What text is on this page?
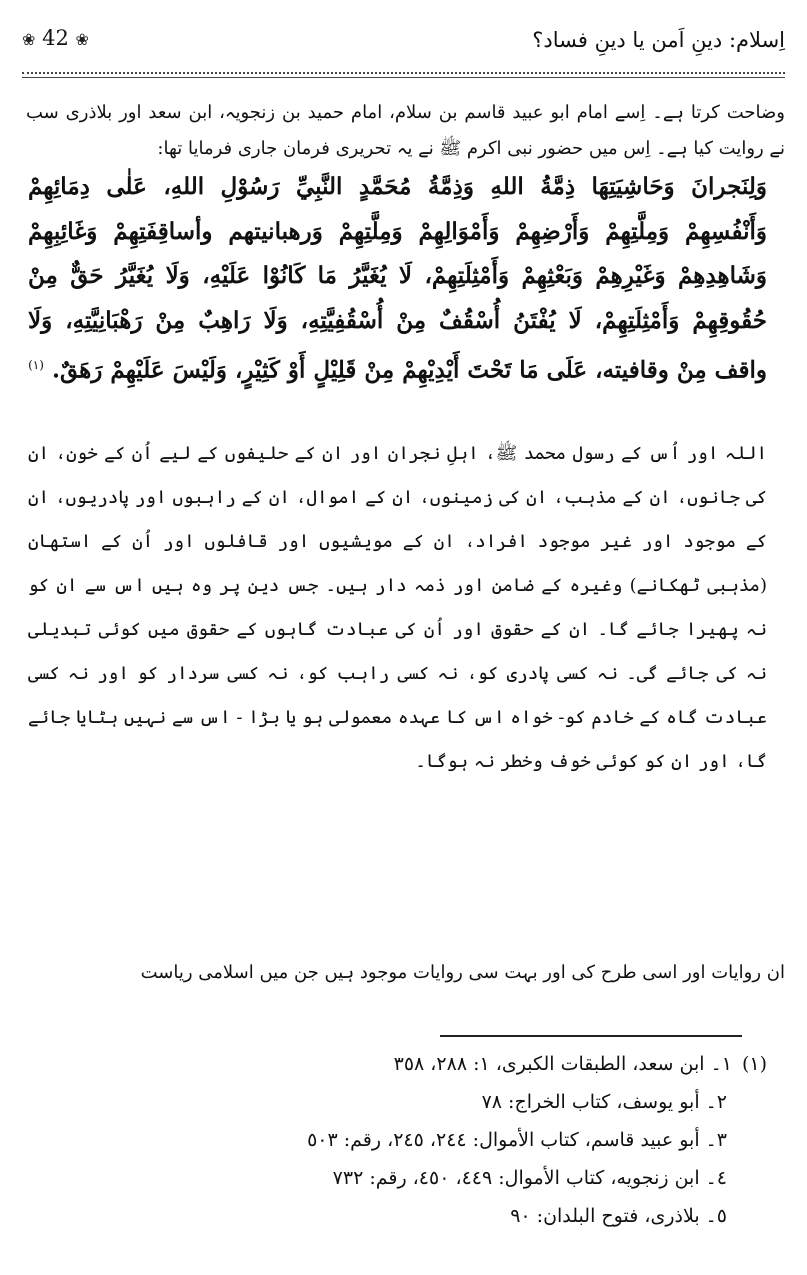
اِسلام: دینِ اَمن یا دینِ فساد؟
❀ 42 ❀
وضاحت کرتا ہے۔ اِسے امام ابو عبید قاسم بن سلام، امام حمید بن زنجویہ، ابن سعد اور بلاذری سب نے روایت کیا ہے۔ اِس میں حضور نبی اکرم ﷺ نے یہ تحریری فرمان جاری فرمایا تھا:
وَلِنَجرانَ وَحَاشِيَتِهَا ذِمَّةُ اللهِ وَذِمَّةُ مُحَمَّدٍ النَّبِيِّ رَسُوْلِ اللهِ، عَلٰى دِمَائِهِمْ وَأَنْفُسِهِمْ وَمِلَّتِهِمْ وَأَرْضِهِمْ وَأَمْوَالِهِمْ وَمِلَّتِهِمْ وَرهبانيتهم وأساقِفَتِهِمْ وَغَائِبِهِمْ وَشَاهِدِهِمْ وَغَيْرِهِمْ وَبَعْثِهِمْ وَأَمْثِلَتِهِمْ، لَا يُغَيَّرُ مَا كَانُوْا عَلَيْهِ، وَلَا يُغَيَّرُ حَقٌّ مِنْ حُقُوقِهِمْ وَأَمْثِلَتِهِمْ، لَا يُفْتَنُ أُسْقُفٌ مِنْ أُسْقُفِيَّتِهِ، وَلَا رَاهِبٌ مِنْ رَهْبَانِيَّتِهِ، وَلَا واقف مِنْ وقافيته، عَلَى مَا تَحْتَ أَيْدِيْهِمْ مِنْ قَلِيْلٍ أَوْ كَثِيْرٍ، وَلَيْسَ عَلَيْهِمْ رَهَقٌ. $^{(١)}$
اللہ اور اُس کے رسول محمد ﷺ، اہلِ نجران اور ان کے حلیفوں کے لیے اُن کے خون، ان کی جانوں، ان کے مذہب، ان کی زمینوں، ان کے اموال، ان کے راہبوں اور پادریوں، ان کے موجود اور غیر موجود افراد، ان کے مویشیوں اور قافلوں اور اُن کے استھان (مذہبی ٹھکانے) وغیرہ کے ضامن اور ذمہ دار ہیں۔ جس دین پر وہ ہیں اس سے ان کو نہ پھیرا جائے گا۔ ان کے حقوق اور اُن کی عبادت گاہوں کے حقوق میں کوئی تبدیلی نہ کی جائے گی۔ نہ کسی پادری کو، نہ کسی راہب کو، نہ کسی سردار کو اور نہ کسی عبادت گاہ کے خادم کو- خواہ اس کا عہدہ معمولی ہو یا بڑا - اس سے نہیں ہٹایا جائے گا، اور ان کو کوئی خوف وخطر نہ ہوگا۔
ان روایات اور اسی طرح کی اور بہت سی روایات موجود ہیں جن میں اسلامی ریاست
(١)١۔ ابن سعد، الطبقات الكبرى، ١: ٢٨٨، ٣٥٨
٢۔ أبو يوسف، كتاب الخراج: ٧٨
٣۔ أبو عبيد قاسم، كتاب الأموال: ٢٤٤، ٢٤٥، رقم: ٥٠٣
٤۔ ابن زنجويه، كتاب الأموال: ٤٤٩، ٤٥٠، رقم: ٧٣٢
٥۔ بلاذری، فتوح البلدان: ٩٠
